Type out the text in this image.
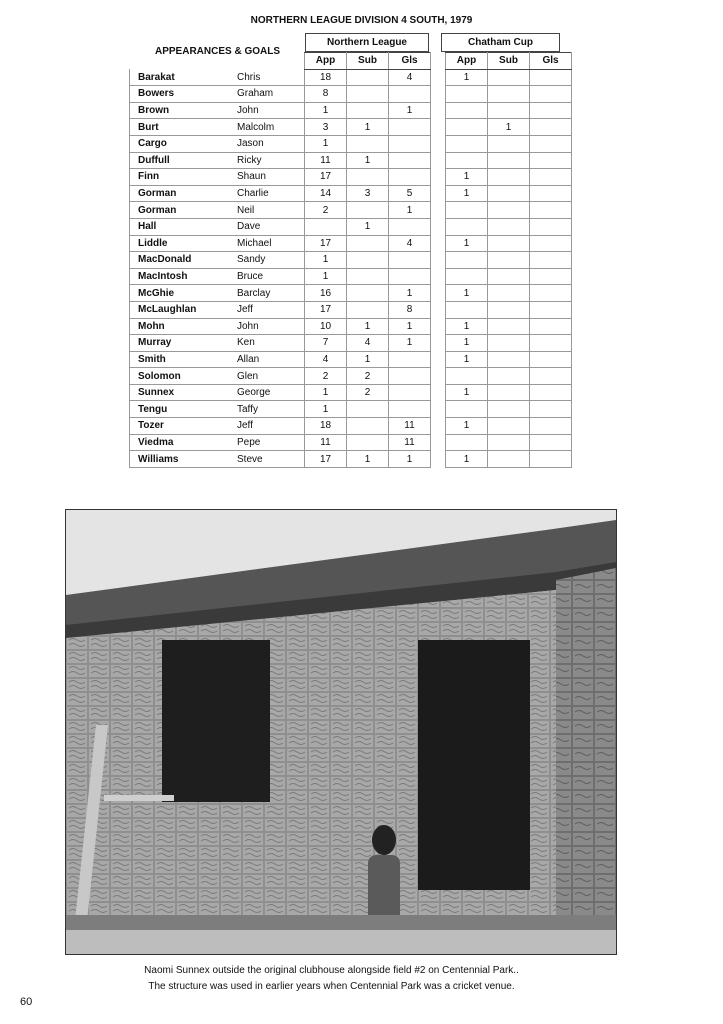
NORTHERN LEAGUE DIVISION 4 SOUTH, 1979
APPEARANCES & GOALS
Northern League	Chatham Cup
		App	Sub	Gls		App	Sub	Gls
Barakat	Chris	18		4		1		
Bowers	Graham	8						
Brown	John	1		1				
Burt	Malcolm	3	1				1	
Cargo	Jason	1						
Duffull	Ricky	11	1					
Finn	Shaun	17				1		
Gorman	Charlie	14	3	5		1		
Gorman	Neil	2		1				
Hall	Dave		1					
Liddle	Michael	17		4		1		
MacDonald	Sandy	1						
MacIntosh	Bruce	1						
McGhie	Barclay	16		1		1		
McLaughlan	Jeff	17		8				
Mohn	John	10	1	1		1		
Murray	Ken	7	4	1		1		
Smith	Allan	4	1			1		
Solomon	Glen	2	2					
Sunnex	George	1	2			1		
Tengu	Taffy	1						
Tozer	Jeff	18		11		1		
Viedma	Pepe	11		11				
Williams	Steve	17	1	1		1		
Naomi Sunnex outside the original clubhouse alongside field #2 on Centennial Park..
The structure was used in earlier years when Centennial Park was a cricket venue.
60
